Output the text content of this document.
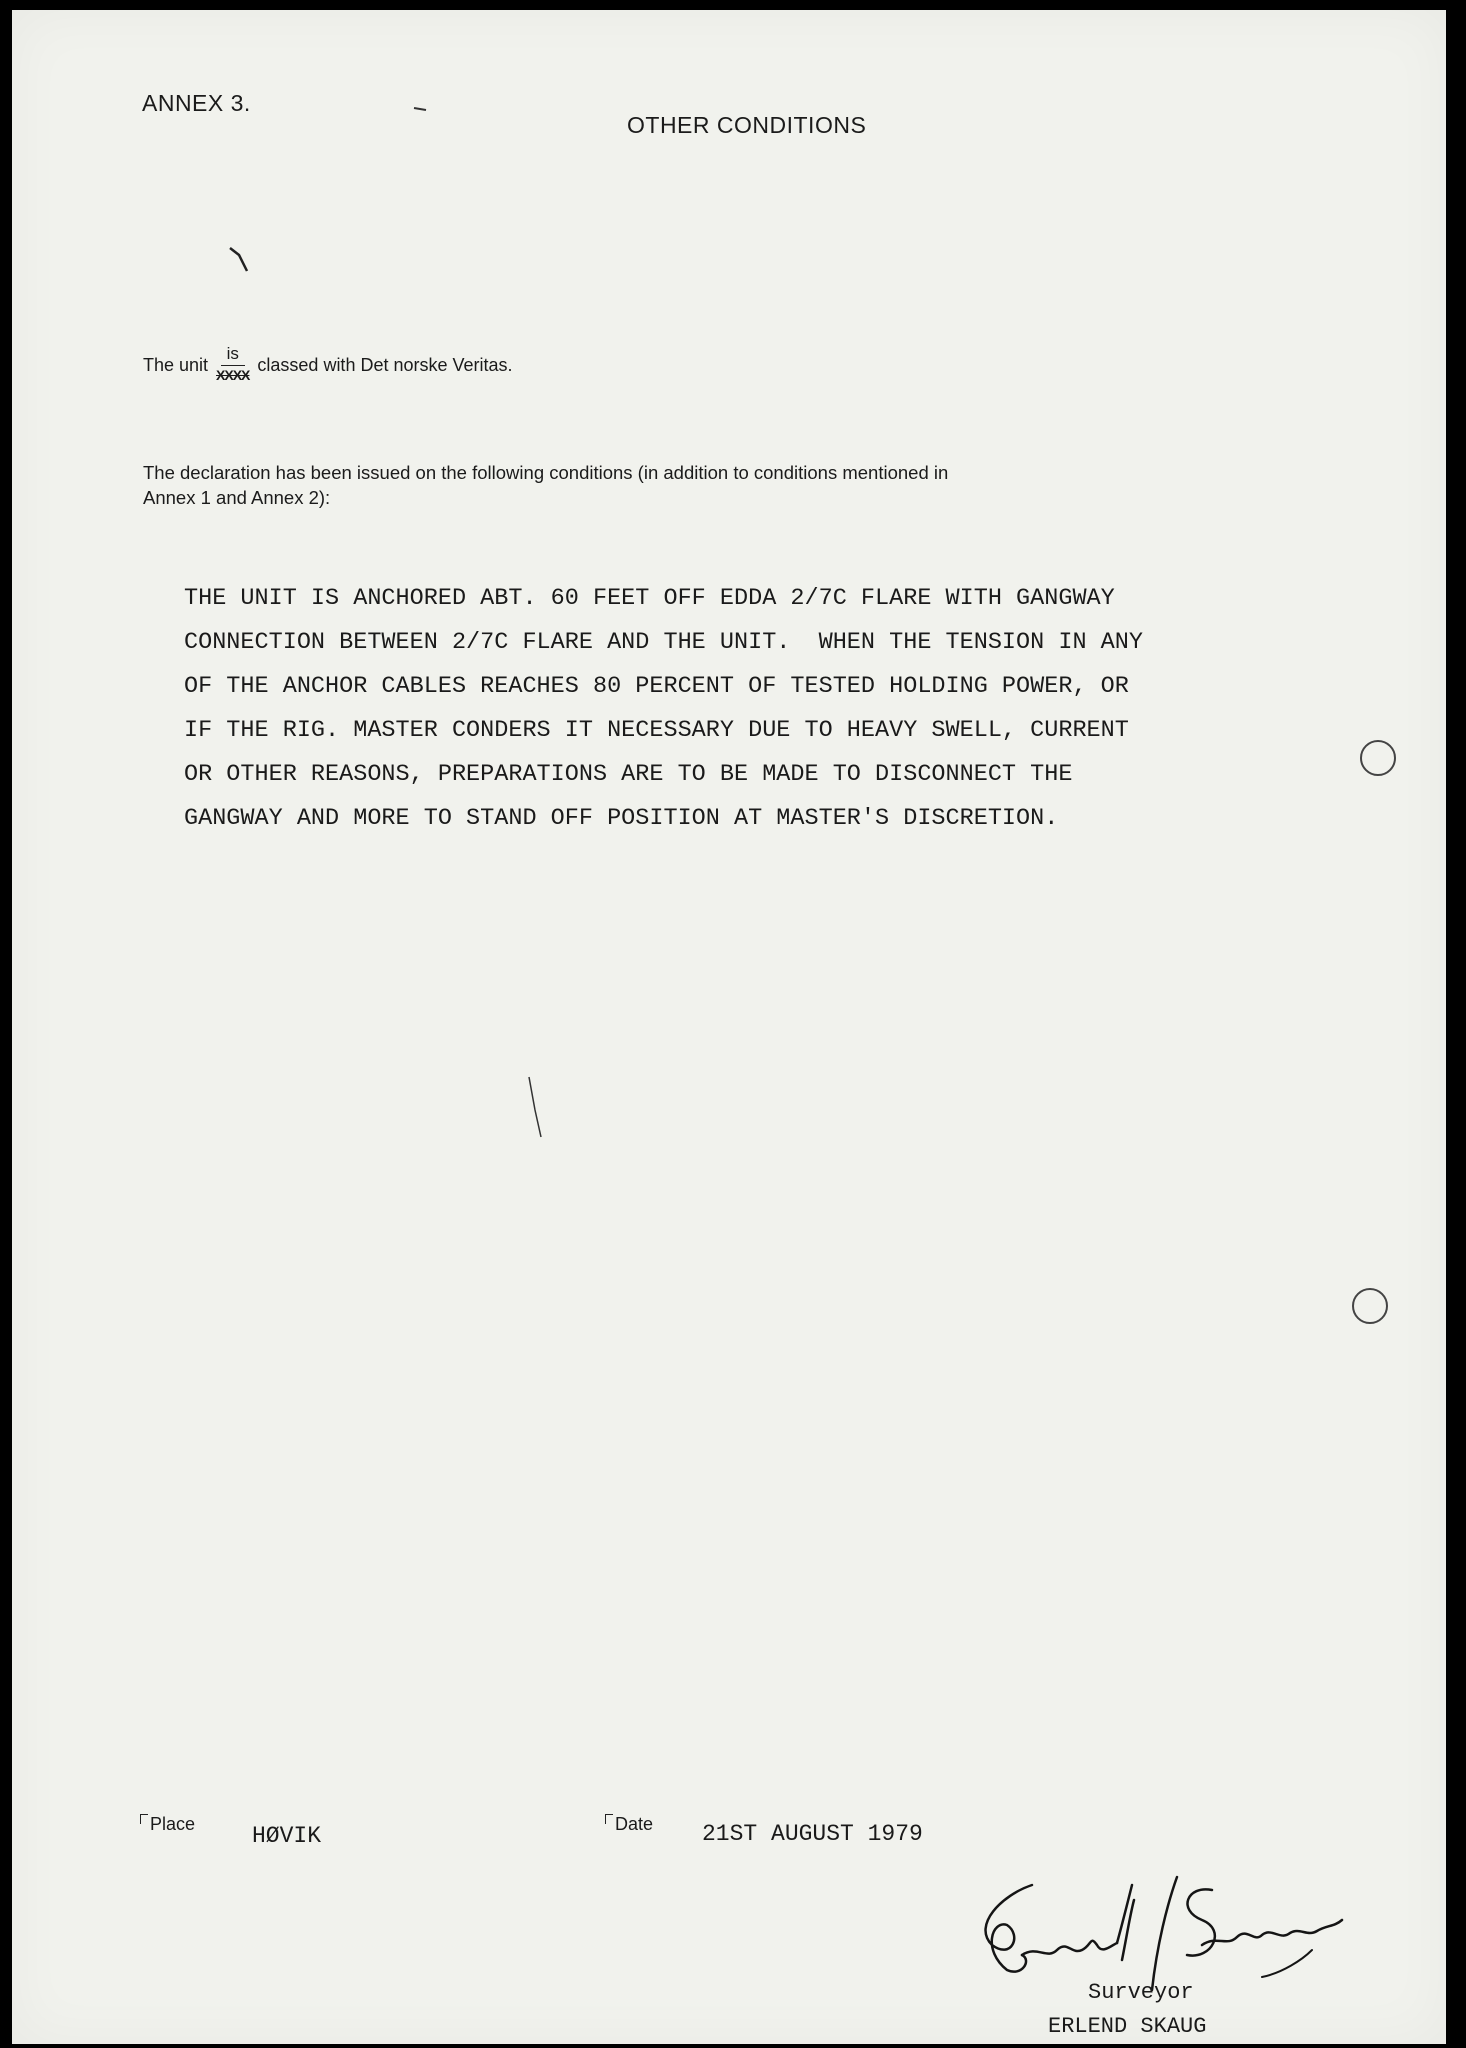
ANNEX 3.
OTHER CONDITIONS
The unit $\frac{is}{\text{XXXX}}$ classed with Det norske Veritas.
The declaration has been issued on the following conditions (in addition to conditions mentioned in
Annex 1 and Annex 2):
THE UNIT IS ANCHORED ABT. 60 FEET OFF EDDA 2/7C FLARE WITH GANGWAY
CONNECTION BETWEEN 2/7C FLARE AND THE UNIT.  WHEN THE TENSION IN ANY
OF THE ANCHOR CABLES REACHES 80 PERCENT OF TESTED HOLDING POWER, OR
IF THE RIG. MASTER CONDERS IT NECESSARY DUE TO HEAVY SWELL, CURRENT
OR OTHER REASONS, PREPARATIONS ARE TO BE MADE TO DISCONNECT THE
GANGWAY AND MORE TO STAND OFF POSITION AT MASTER'S DISCRETION.
Place HØVIK	Date 21ST AUGUST 1979
Surveyor
ERLEND SKAUG
